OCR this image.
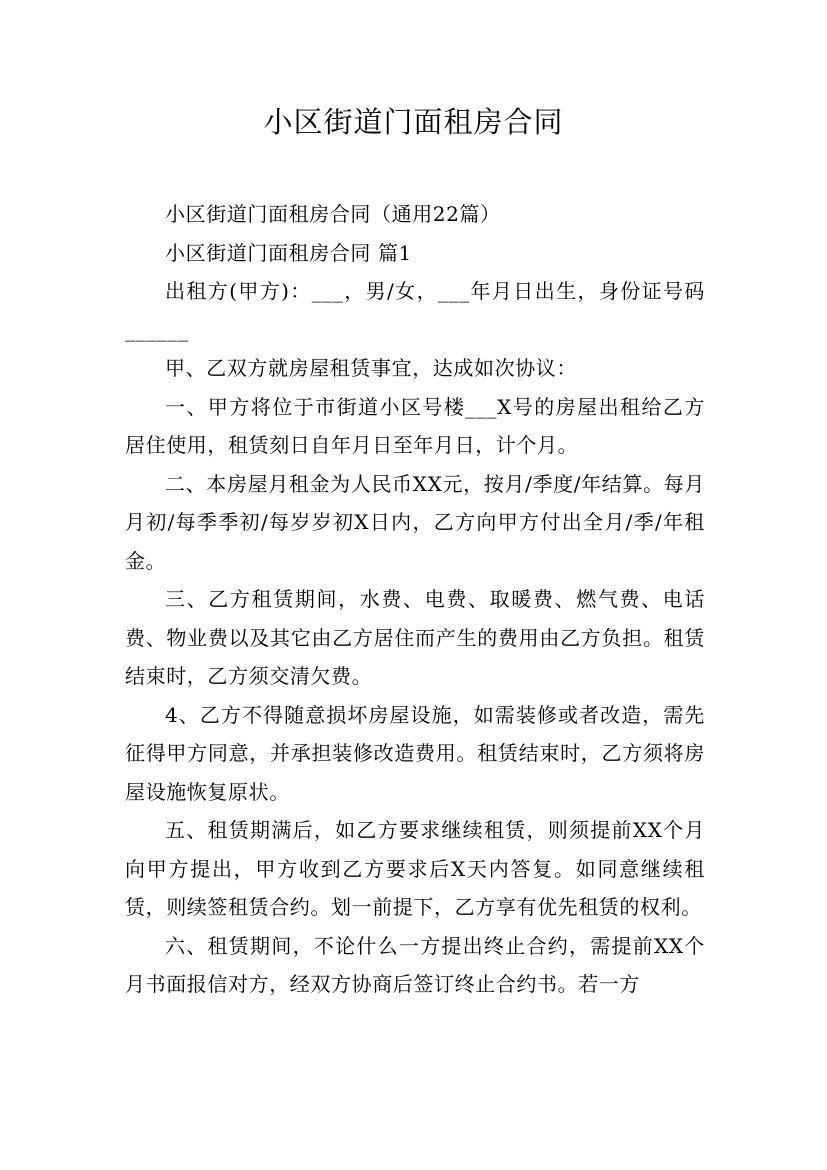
小区街道门面租房合同

小区街道门面租房合同（通用22篇）

小区街道门面租房合同 篇1

出租方(甲方)：___，男/女，___年月日出生，身份证号码______

甲、乙双方就房屋租赁事宜，达成如次协议：

一、甲方将位于市街道小区号楼___X号的房屋出租给乙方居住使用，租赁刻日自年月日至年月日，计个月。

二、本房屋月租金为人民币XX元，按月/季度/年结算。每月月初/每季季初/每岁岁初X日内，乙方向甲方付出全月/季/年租金。

三、乙方租赁期间，水费、电费、取暖费、燃气费、电话费、物业费以及其它由乙方居住而产生的费用由乙方负担。租赁结束时，乙方须交清欠费。

4、乙方不得随意损坏房屋设施，如需装修或者改造，需先征得甲方同意，并承担装修改造费用。租赁结束时，乙方须将房屋设施恢复原状。

五、租赁期满后，如乙方要求继续租赁，则须提前XX个月向甲方提出，甲方收到乙方要求后X天内答复。如同意继续租赁，则续签租赁合约。划一前提下，乙方享有优先租赁的权利。

六、租赁期间，不论什么一方提出终止合约，需提前XX个月书面报信对方，经双方协商后签订终止合约书。若一方
